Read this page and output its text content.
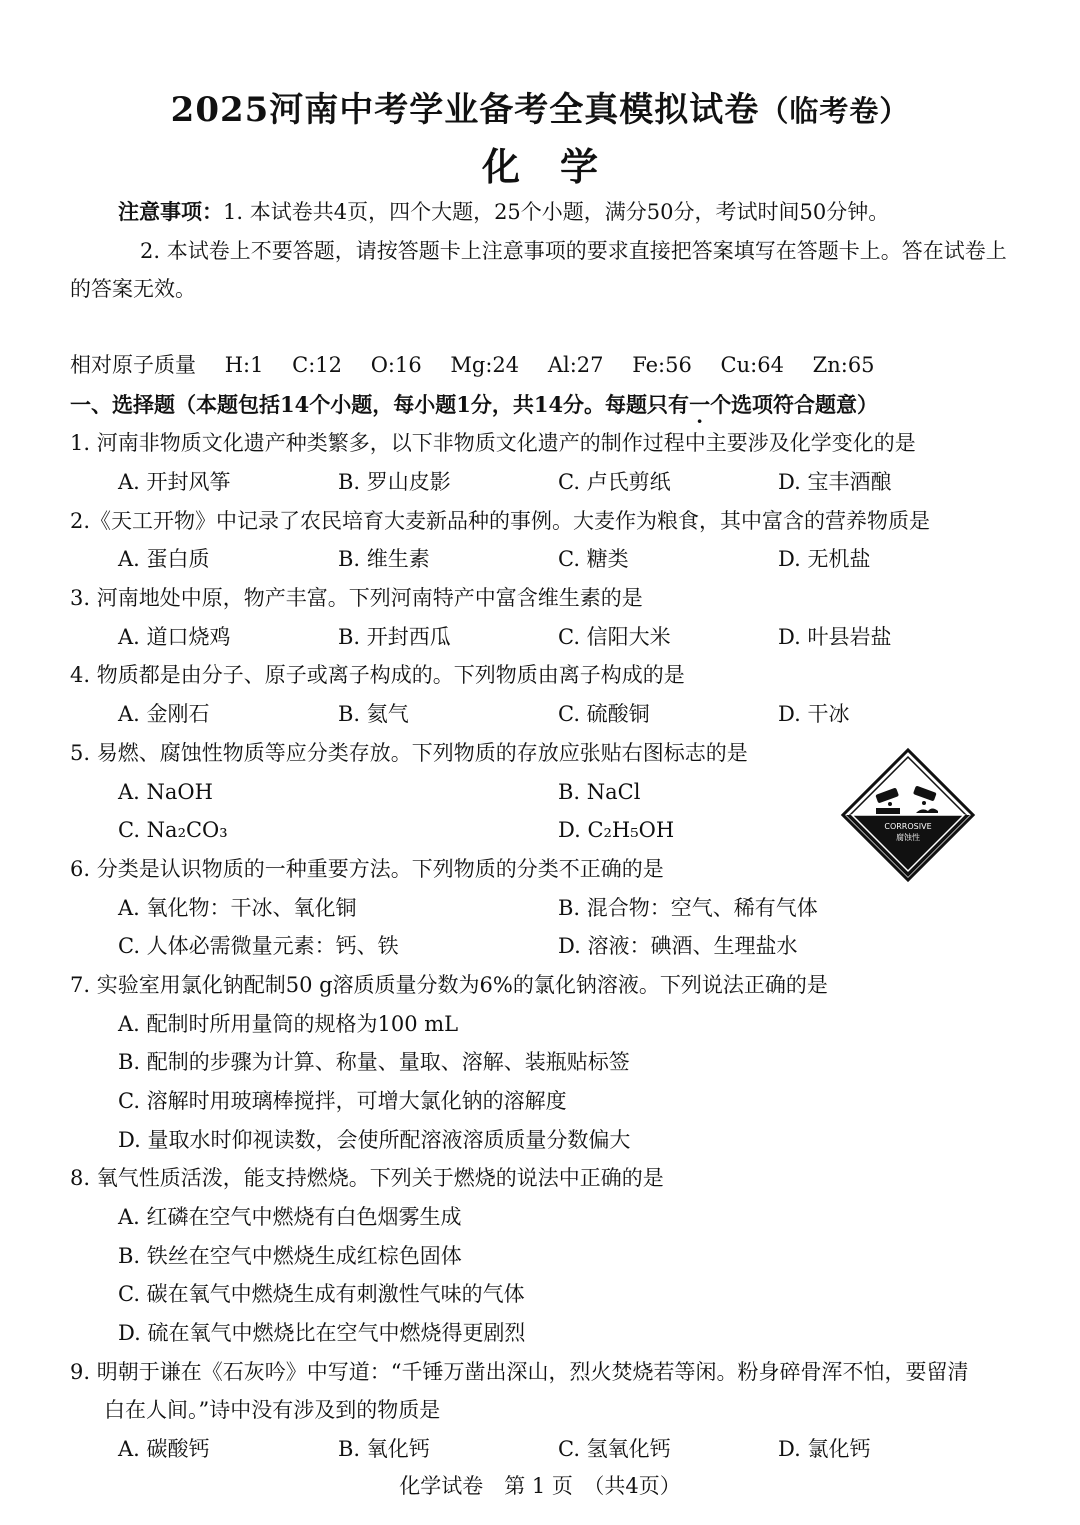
2025河南中考学业备考全真模拟试卷（临考卷）
化学
注意事项：1. 本试卷共4页，四个大题，25个小题，满分50分，考试时间50分钟。
2. 本试卷上不要答题，请按答题卡上注意事项的要求直接把答案填写在答题卡上。答在试卷上
的答案无效。
相对原子质量 H:1 C:12 O:16 Mg:24 Al:27 Fe:56 Cu:64 Zn:65
一、选择题（本题包括14个小题，每小题1分，共14分。每题只有一个选项符合题意）
1. 河南非物质文化遗产种类繁多，以下非物质文化遗产的制作过程中主要涉及化学变化的是
A. 开封风筝	B. 罗山皮影	C. 卢氏剪纸	D. 宝丰酒酿
2.《天工开物》中记录了农民培育大麦新品种的事例。大麦作为粮食，其中富含的营养物质是
A. 蛋白质	B. 维生素	C. 糖类	D. 无机盐
3. 河南地处中原，物产丰富。下列河南特产中富含维生素的是
A. 道口烧鸡	B. 开封西瓜	C. 信阳大米	D. 叶县岩盐
4. 物质都是由分子、原子或离子构成的。下列物质由离子构成的是
A. 金刚石	B. 氦气	C. 硫酸铜	D. 干冰
5. 易燃、腐蚀性物质等应分类存放。下列物质的存放应张贴右图标志的是
A. NaOH	B. NaCl
C. Na₂CO₃	D. C₂H₅OH	CORROSIVE
腐蚀性
6. 分类是认识物质的一种重要方法。下列物质的分类不正确的是
A. 氧化物：干冰、氧化铜	B. 混合物：空气、稀有气体
C. 人体必需微量元素：钙、铁	D. 溶液：碘酒、生理盐水
7. 实验室用氯化钠配制50 g溶质质量分数为6%的氯化钠溶液。下列说法正确的是
A. 配制时所用量筒的规格为100 mL
B. 配制的步骤为计算、称量、量取、溶解、装瓶贴标签
C. 溶解时用玻璃棒搅拌，可增大氯化钠的溶解度
D. 量取水时仰视读数，会使所配溶液溶质质量分数偏大
8. 氧气性质活泼，能支持燃烧。下列关于燃烧的说法中正确的是
A. 红磷在空气中燃烧有白色烟雾生成
B. 铁丝在空气中燃烧生成红棕色固体
C. 碳在氧气中燃烧生成有刺激性气味的气体
D. 硫在氧气中燃烧比在空气中燃烧得更剧烈
9. 明朝于谦在《石灰吟》中写道：“千锤万凿出深山，烈火焚烧若等闲。粉身碎骨浑不怕，要留清
白在人间。”诗中没有涉及到的物质是
A. 碳酸钙	B. 氧化钙	C. 氢氧化钙	D. 氯化钙
化学试卷　第 1 页　（共4页）
